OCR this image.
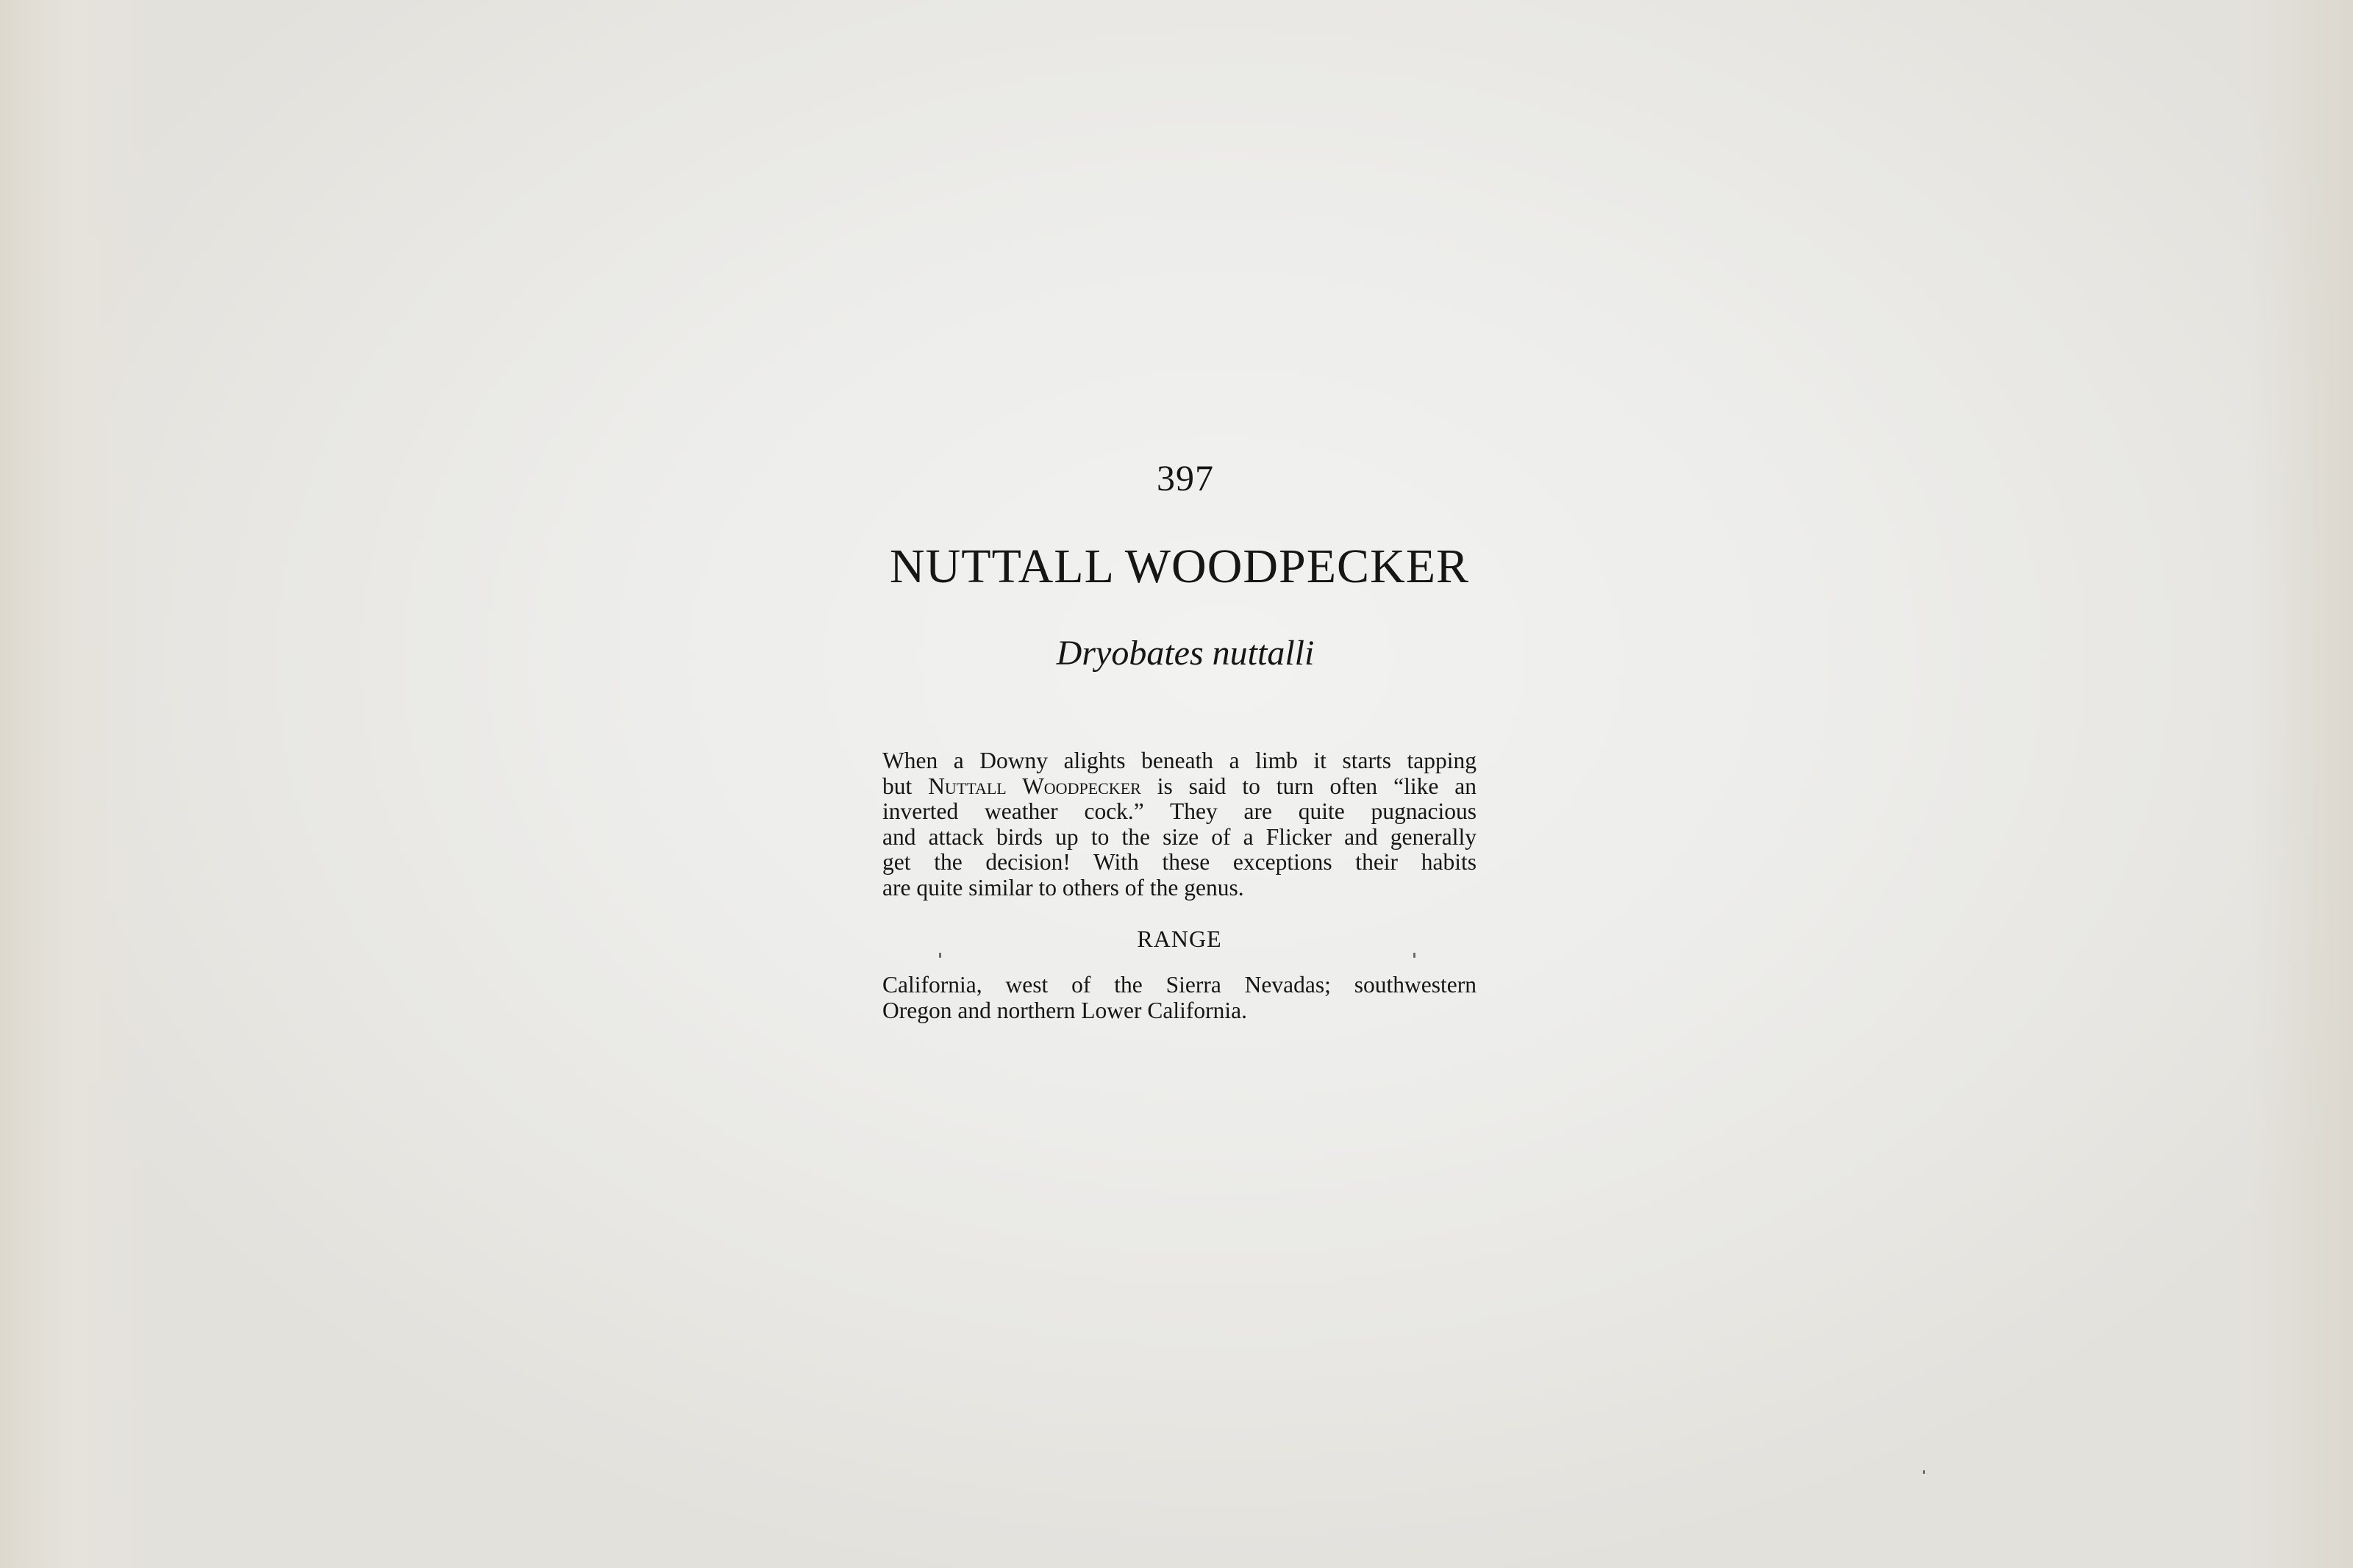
397
NUTTALL WOODPECKER
Dryobates nuttalli
When a Downy alights beneath a limb it starts tapping
but Nuttall Woodpecker is said to turn often “like an
inverted weather cock.” They are quite pugnacious
and attack birds up to the size of a Flicker and generally
get the decision! With these exceptions their habits
are quite similar to others of the genus.
RANGE
California, west of the Sierra Nevadas; southwestern
Oregon and northern Lower California.
